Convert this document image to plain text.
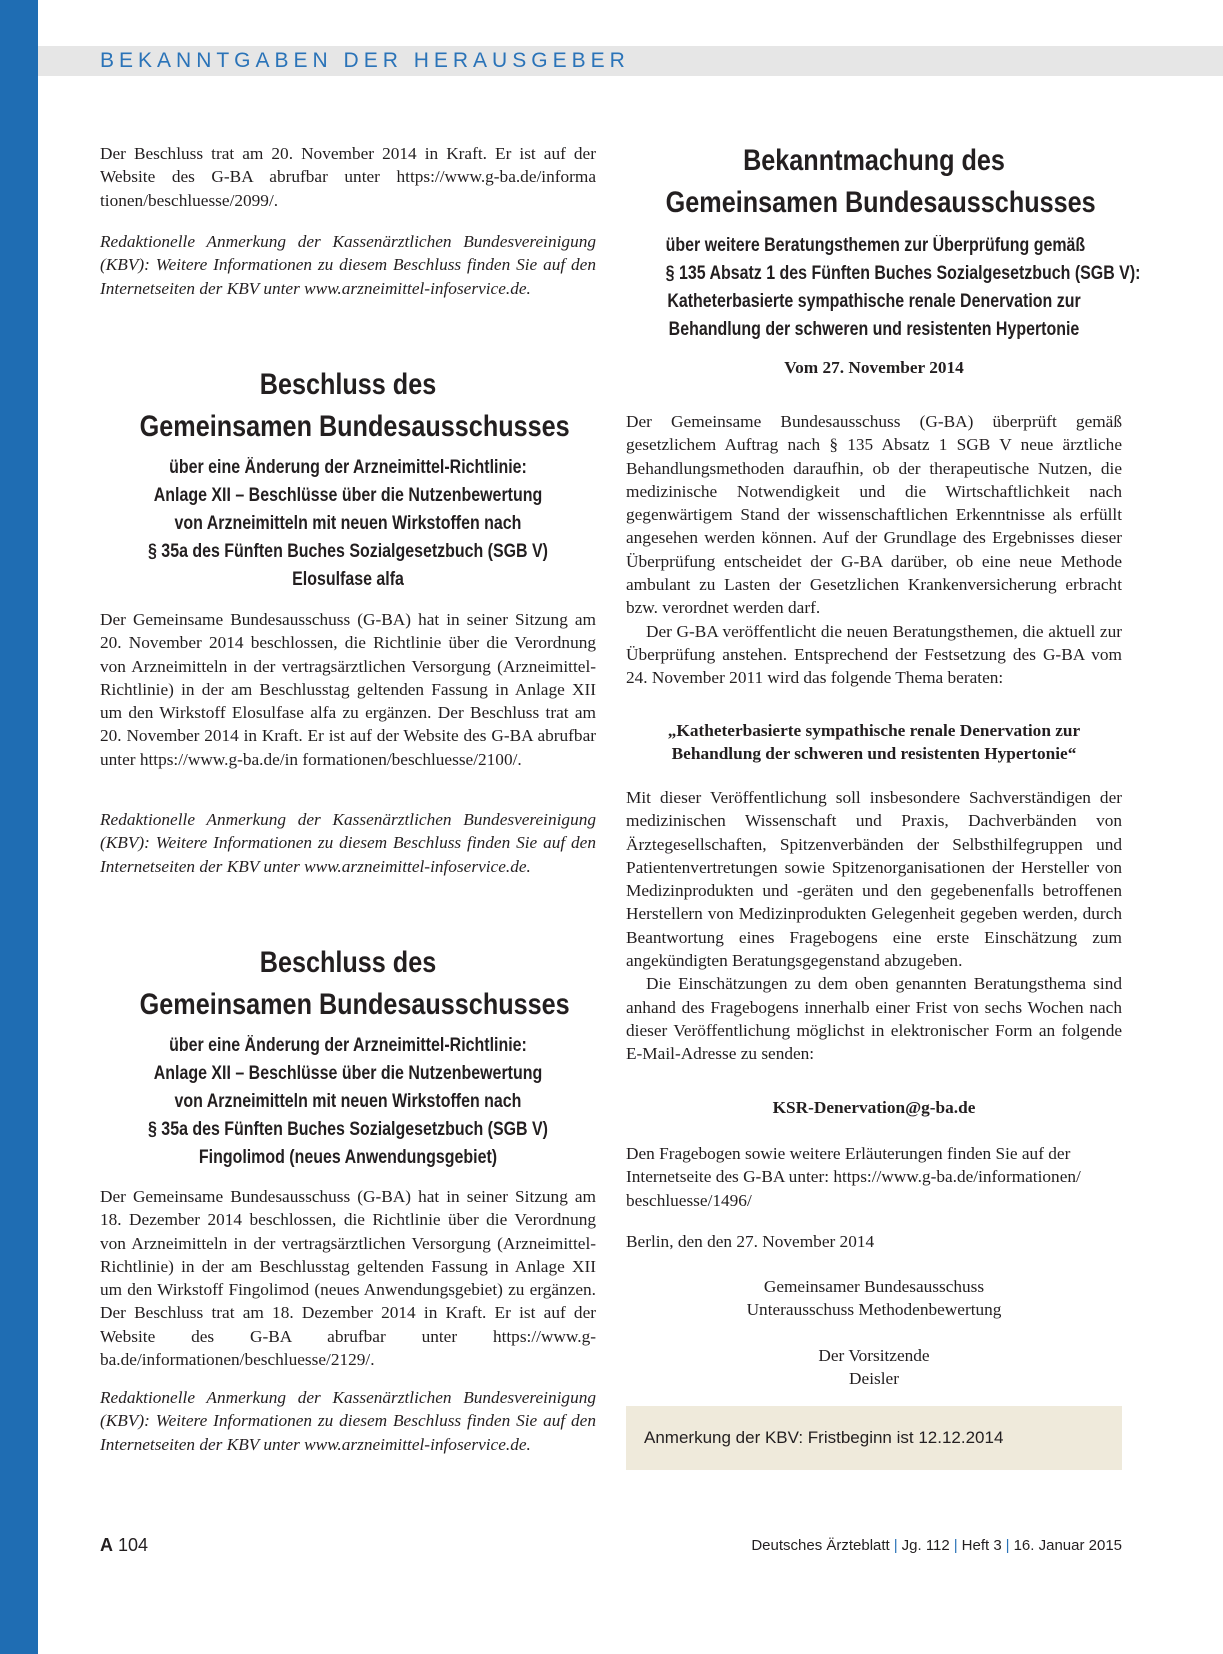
BEKANNTGABEN DER HERAUSGEBER

Der Beschluss trat am 20. November 2014 in Kraft. Er ist auf der Website des G-BA abrufbar unter https://www.g-ba.de/informa tionen/beschluesse/2099/.

Redaktionelle Anmerkung der Kassenärztlichen Bundesvereinigung (KBV): Weitere Informationen zu diesem Beschluss finden Sie auf den Internetseiten der KBV unter www.arzneimittel-infoservice.de.

Beschluss des
Gemeinsamen Bundesausschusses
über eine Änderung der Arzneimittel-Richtlinie:
Anlage XII – Beschlüsse über die Nutzenbewertung
von Arzneimitteln mit neuen Wirkstoffen nach
§ 35a des Fünften Buches Sozialgesetzbuch (SGB V)
Elosulfase alfa

Der Gemeinsame Bundesausschuss (G-BA) hat in seiner Sitzung am 20. November 2014 beschlossen, die Richtlinie über die Verordnung von Arzneimitteln in der vertragsärztlichen Versorgung (Arzneimittel-Richtlinie) in der am Beschlusstag geltenden Fassung in Anlage XII um den Wirkstoff Elosulfase alfa zu ergänzen. Der Beschluss trat am 20. November 2014 in Kraft. Er ist auf der Website des G-BA abrufbar unter https://www.g-ba.de/in formationen/beschluesse/2100/.

Redaktionelle Anmerkung der Kassenärztlichen Bundesvereinigung (KBV): Weitere Informationen zu diesem Beschluss finden Sie auf den Internetseiten der KBV unter www.arzneimittel-infoservice.de.

Beschluss des
Gemeinsamen Bundesausschusses
über eine Änderung der Arzneimittel-Richtlinie:
Anlage XII – Beschlüsse über die Nutzenbewertung
von Arzneimitteln mit neuen Wirkstoffen nach
§ 35a des Fünften Buches Sozialgesetzbuch (SGB V)
Fingolimod (neues Anwendungsgebiet)

Der Gemeinsame Bundesausschuss (G-BA) hat in seiner Sitzung am 18. Dezember 2014 beschlossen, die Richtlinie über die Verordnung von Arzneimitteln in der vertragsärztlichen Versorgung (Arzneimittel-Richtlinie) in der am Beschlusstag geltenden Fassung in Anlage XII um den Wirkstoff Fingolimod (neues Anwendungsgebiet) zu ergänzen. Der Beschluss trat am 18. Dezember 2014 in Kraft. Er ist auf der Website des G-BA abrufbar unter https://www.g-ba.de/informationen/beschluesse/2129/.

Redaktionelle Anmerkung der Kassenärztlichen Bundesvereinigung (KBV): Weitere Informationen zu diesem Beschluss finden Sie auf den Internetseiten der KBV unter www.arzneimittel-infoservice.de.

Bekanntmachung des
Gemeinsamen Bundesausschusses
über weitere Beratungsthemen zur Überprüfung gemäß
§ 135 Absatz 1 des Fünften Buches Sozialgesetzbuch (SGB V):
Katheterbasierte sympathische renale Denervation zur
Behandlung der schweren und resistenten Hypertonie
Vom 27. November 2014

Der Gemeinsame Bundesausschuss (G-BA) überprüft gemäß gesetzlichem Auftrag nach § 135 Absatz 1 SGB V neue ärztliche Behandlungsmethoden daraufhin, ob der therapeutische Nutzen, die medizinische Notwendigkeit und die Wirtschaftlichkeit nach gegenwärtigem Stand der wissenschaftlichen Erkenntnisse als erfüllt angesehen werden können. Auf der Grundlage des Ergebnisses dieser Überprüfung entscheidet der G-BA darüber, ob eine neue Methode ambulant zu Lasten der Gesetzlichen Krankenversicherung erbracht bzw. verordnet werden darf.

Der G-BA veröffentlicht die neuen Beratungsthemen, die aktuell zur Überprüfung anstehen. Entsprechend der Festsetzung des G-BA vom 24. November 2011 wird das folgende Thema beraten:

„Katheterbasierte sympathische renale Denervation zur

Behandlung der schweren und resistenten Hypertonie“

Mit dieser Veröffentlichung soll insbesondere Sachverständigen der medizinischen Wissenschaft und Praxis, Dachverbänden von Ärztegesellschaften, Spitzenverbänden der Selbsthilfegruppen und Patientenvertretungen sowie Spitzenorganisationen der Hersteller von Medizinprodukten und -geräten und den gegebenenfalls betroffenen Herstellern von Medizinprodukten Gelegenheit gegeben werden, durch Beantwortung eines Fragebogens eine erste Einschätzung zum angekündigten Beratungsgegenstand abzugeben.

Die Einschätzungen zu dem oben genannten Beratungsthema sind anhand des Fragebogens innerhalb einer Frist von sechs Wochen nach dieser Veröffentlichung möglichst in elektronischer Form an folgende E-Mail-Adresse zu senden:

KSR-Denervation@g-ba.de

Den Fragebogen sowie weitere Erläuterungen finden Sie auf der Internetseite des G-BA unter: https://www.g-ba.de/informationen/ beschluesse/1496/

Berlin, den den 27. November 2014

Gemeinsamer Bundesausschuss

Unterausschuss Methodenbewertung

Der Vorsitzende

Deisler

Anmerkung der KBV: Fristbeginn ist 12.12.2014
A 104	Deutsches Ärzteblatt | Jg. 112 | Heft 3 | 16. Januar 2015
